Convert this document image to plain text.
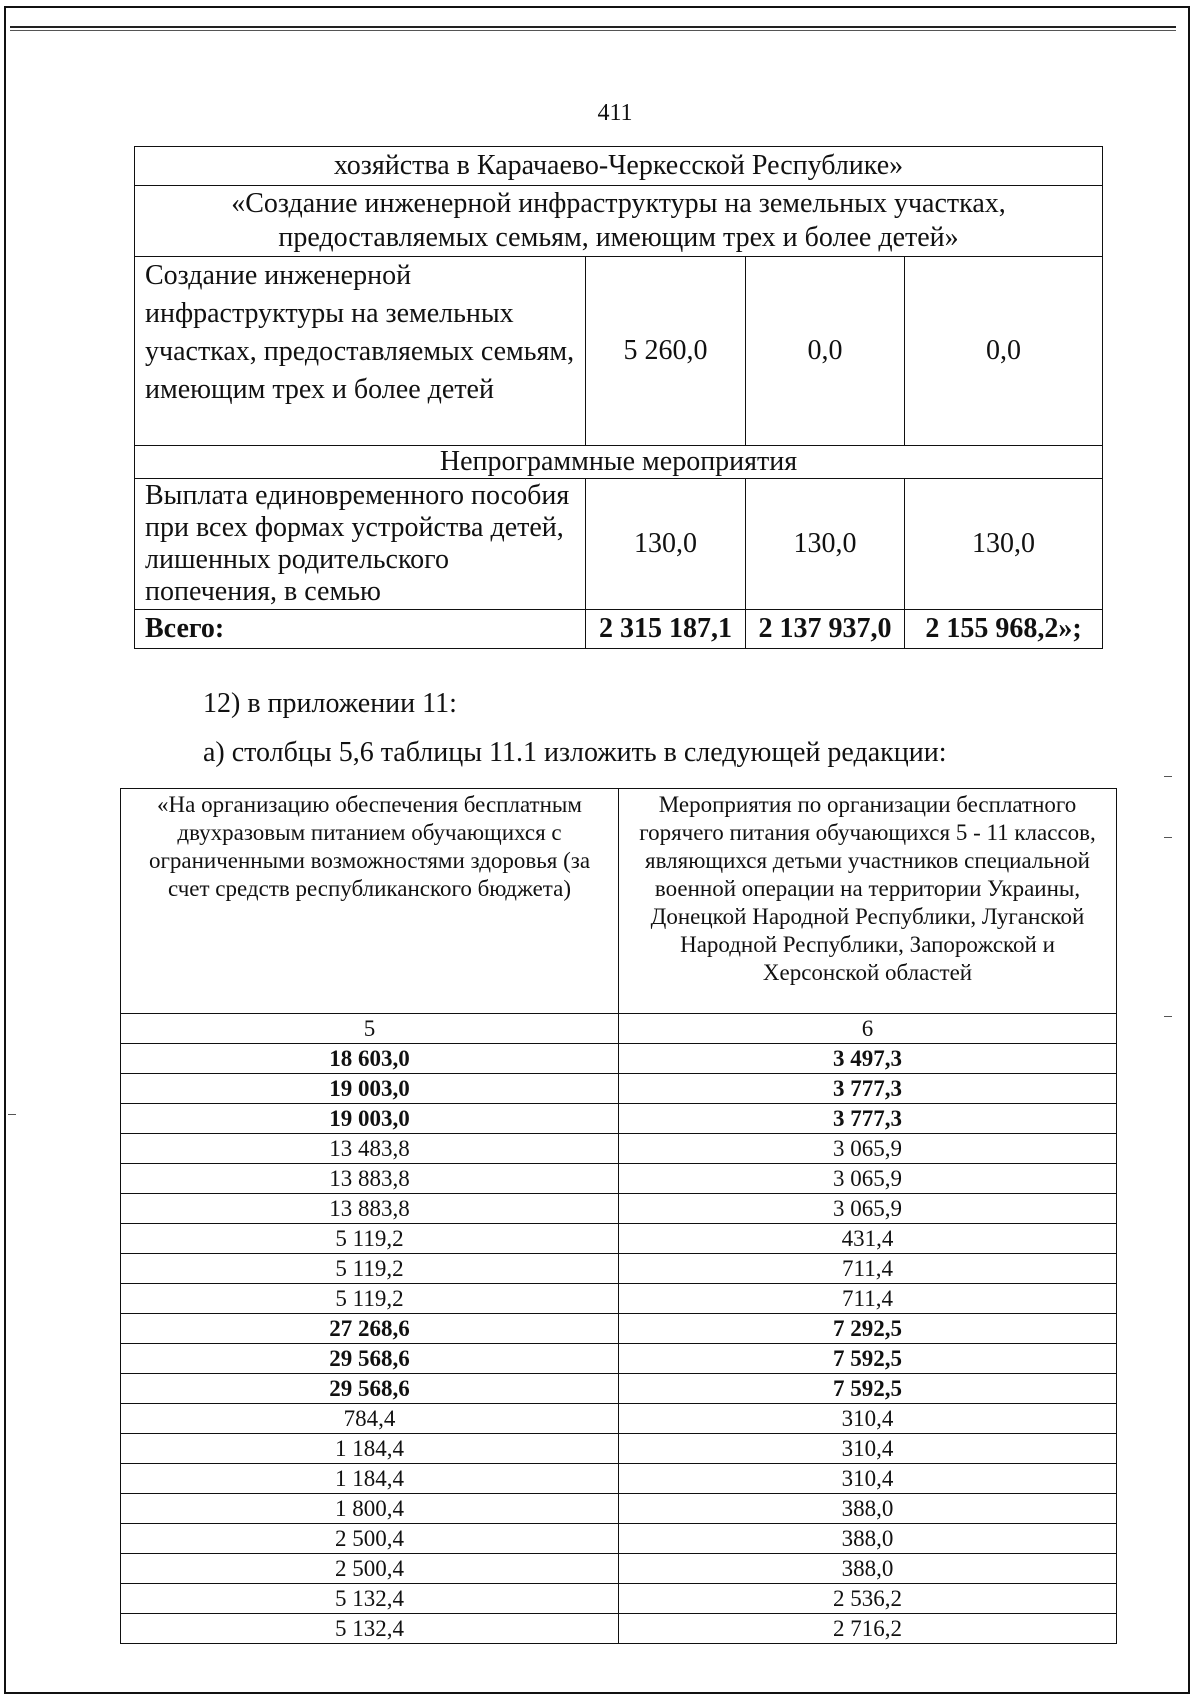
411
хозяйства в Карачаево-Черкесской Республике»			
«Создание инженерной инфраструктуры на земельных участках, предоставляемых семьям, имеющим трех и более детей»			
Создание инженерной инфраструктуры на земельных участках, предоставляемых семьям, имеющим трех и более детей	5 260,0	0,0	0,0
Непрограммные мероприятия			
Выплата единовременного пособия при всех формах устройства детей, лишенных родительского попечения, в семью	130,0	130,0	130,0
Всего:	2 315 187,1	2 137 937,0	2 155 968,2»;
12) в приложении 11:
а) столбцы 5,6 таблицы 11.1 изложить в следующей редакции:
«На организацию обеспечения бесплатным двухразовым питанием обучающихся с ограниченными возможностями здоровья (за счет средств республиканского бюджета)	Мероприятия по организации бесплатного горячего питания обучающихся 5 - 11 классов, являющихся детьми участников специальной военной операции на территории Украины, Донецкой Народной Республики, Луганской Народной Республики, Запорожской и Херсонской областей
5	6
18 603,0	3 497,3
19 003,0	3 777,3
19 003,0	3 777,3
13 483,8	3 065,9
13 883,8	3 065,9
13 883,8	3 065,9
5 119,2	431,4
5 119,2	711,4
5 119,2	711,4
27 268,6	7 292,5
29 568,6	7 592,5
29 568,6	7 592,5
784,4	310,4
1 184,4	310,4
1 184,4	310,4
1 800,4	388,0
2 500,4	388,0
2 500,4	388,0
5 132,4	2 536,2
5 132,4	2 716,2
